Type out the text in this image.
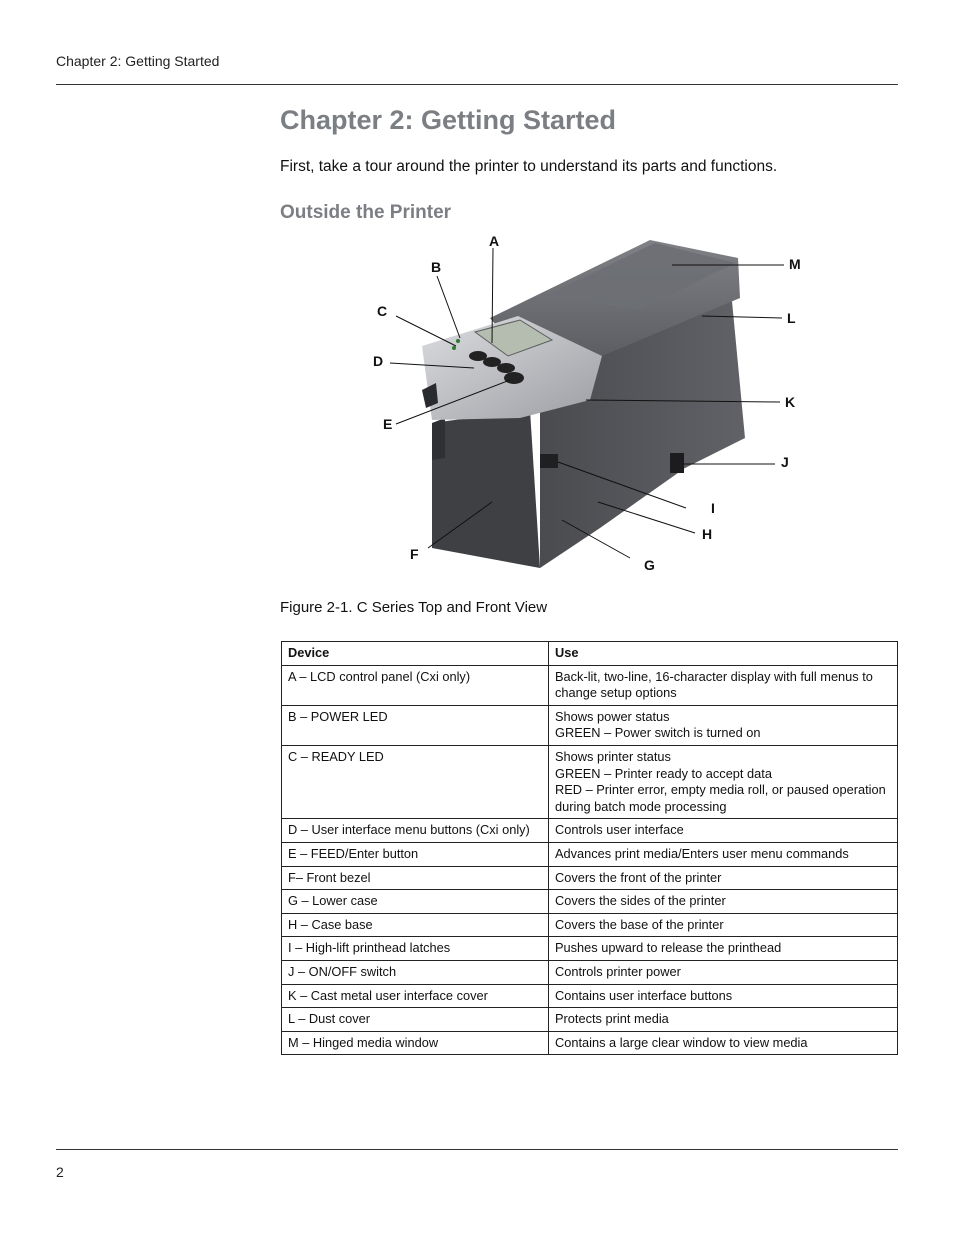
Chapter 2: Getting Started
Chapter 2: Getting Started

First, take a tour around the printer to understand its parts and functions.

Outside the Printer
A
B
C
D
E
F
G
H
I
J
K
L
M

Figure 2-1. C Series Top and Front View

Device	Use
A – LCD control panel (Cxi only)	Back-lit, two-line, 16-character display with full menus to change setup options

B – POWER LED	Shows power status
GREEN – Power switch is turned on

C – READY LED	Shows printer status
GREEN – Printer ready to accept data
RED – Printer error, empty media roll, or paused operation during batch mode processing

D – User interface menu buttons (Cxi only)	Controls user interface

E – FEED/Enter button	Advances print media/Enters user menu commands

F– Front bezel	Covers the front of the printer

G – Lower case	Covers the sides of the printer

H – Case base	Covers the base of the printer

I – High-lift printhead latches	Pushes upward to release the printhead

J – ON/OFF switch	Controls printer power

K – Cast metal user interface cover	Contains user interface buttons

L – Dust cover	Protects print media

M – Hinged media window	Contains a large clear window to view media
2
